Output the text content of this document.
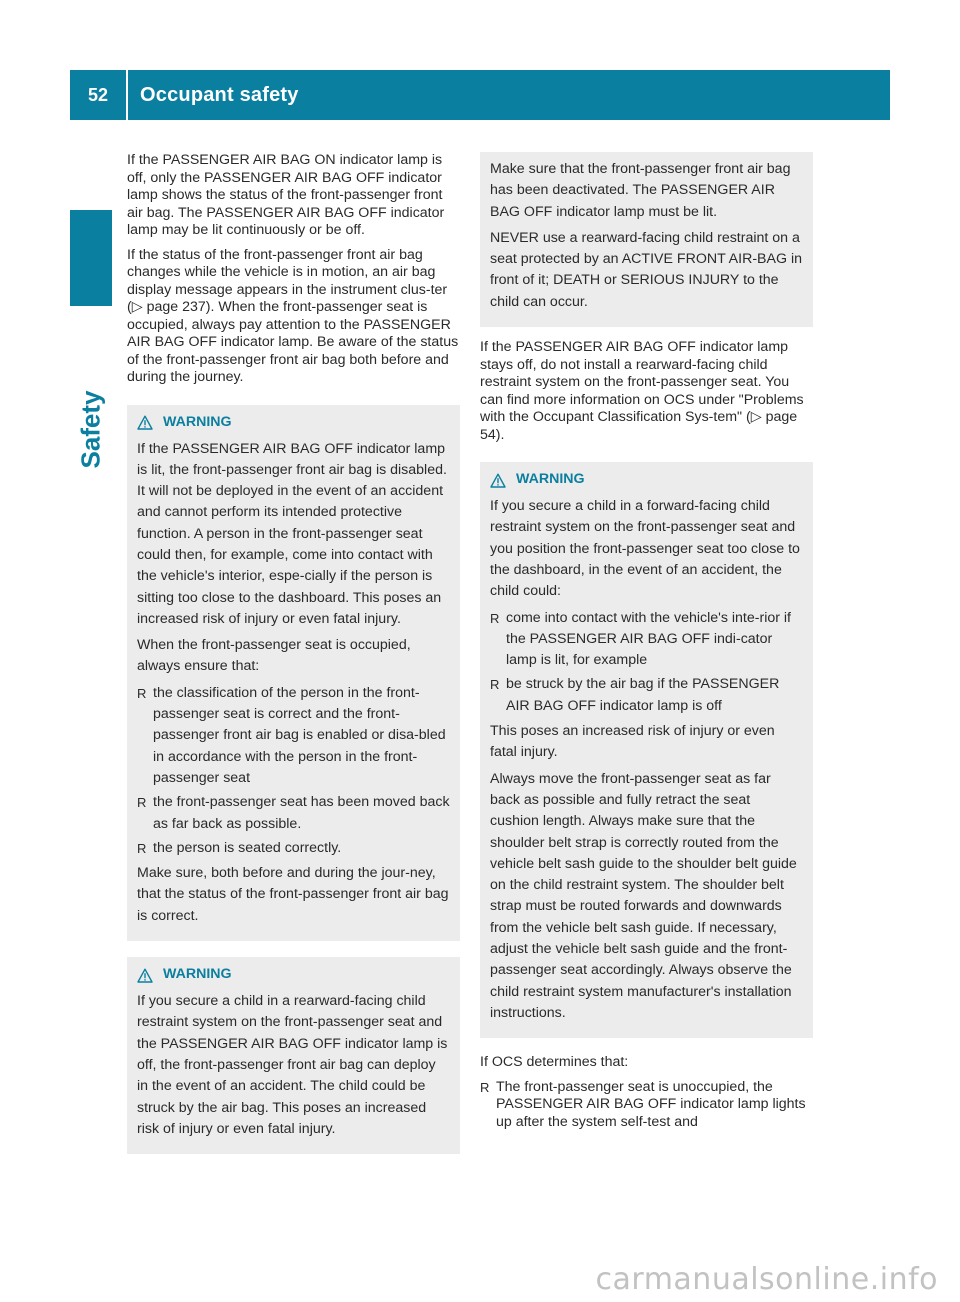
52	Occupant safety
Safety

If the PASSENGER AIR BAG ON indicator lamp is off, only the PASSENGER AIR BAG OFF indicator lamp shows the status of the front-passenger front air bag. The PASSENGER AIR BAG OFF indicator lamp may be lit continuously or be off.

If the status of the front-passenger front air bag changes while the vehicle is in motion, an air bag display message appears in the instrument clus-ter (▷ page 237). When the front-passenger seat is occupied, always pay attention to the PASSENGER AIR BAG OFF indicator lamp. Be aware of the status of the front-passenger front air bag both before and during the journey.

WARNING

If the PASSENGER AIR BAG OFF indicator lamp is lit, the front-passenger front air bag is disabled. It will not be deployed in the event of an accident and cannot perform its intended protective function. A person in the front-passenger seat could then, for example, come into contact with the vehicle's interior, espe-cially if the person is sitting too close to the dashboard. This poses an increased risk of injury or even fatal injury.

When the front-passenger seat is occupied, always ensure that:

R the classification of the person in the front-passenger seat is correct and the front-passenger front air bag is enabled or disa-bled in accordance with the person in the front-passenger seat
R the front-passenger seat has been moved back as far back as possible.
R the person is seated correctly.

Make sure, both before and during the jour-ney, that the status of the front-passenger front air bag is correct.

WARNING

If you secure a child in a rearward-facing child restraint system on the front-passenger seat and the PASSENGER AIR BAG OFF indicator lamp is off, the front-passenger front air bag can deploy in the event of an accident. The child could be struck by the air bag. This poses an increased risk of injury or even fatal injury.

Make sure that the front-passenger front air bag has been deactivated. The PASSENGER AIR BAG OFF indicator lamp must be lit.

NEVER use a rearward-facing child restraint on a seat protected by an ACTIVE FRONT AIR-BAG in front of it; DEATH or SERIOUS INJURY to the child can occur.

If the PASSENGER AIR BAG OFF indicator lamp stays off, do not install a rearward-facing child restraint system on the front-passenger seat. You can find more information on OCS under "Problems with the Occupant Classification Sys-tem" (▷ page 54).

WARNING

If you secure a child in a forward-facing child restraint system on the front-passenger seat and you position the front-passenger seat too close to the dashboard, in the event of an accident, the child could:

R come into contact with the vehicle's inte-rior if the PASSENGER AIR BAG OFF indi-cator lamp is lit, for example
R be struck by the air bag if the PASSENGER AIR BAG OFF indicator lamp is off

This poses an increased risk of injury or even fatal injury.

Always move the front-passenger seat as far back as possible and fully retract the seat cushion length. Always make sure that the shoulder belt strap is correctly routed from the vehicle belt sash guide to the shoulder belt guide on the child restraint system. The shoulder belt strap must be routed forwards and downwards from the vehicle belt sash guide. If necessary, adjust the vehicle belt sash guide and the front-passenger seat accordingly. Always observe the child restraint system manufacturer's installation instructions.

If OCS determines that:

R The front-passenger seat is unoccupied, the PASSENGER AIR BAG OFF indicator lamp lights up after the system self-test and
carmanualsonline.info
